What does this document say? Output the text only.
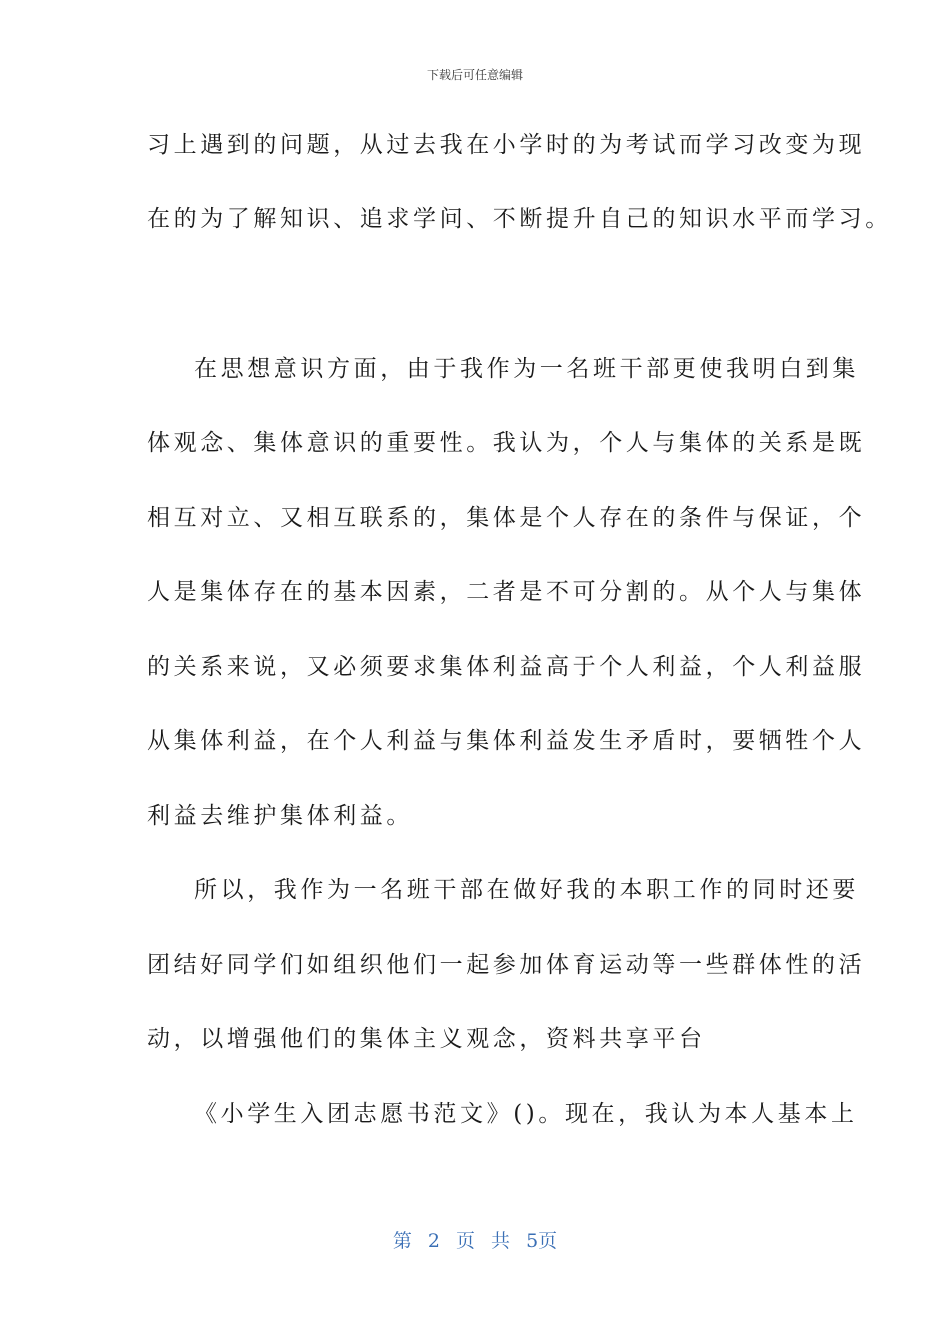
下载后可任意编辑
习上遇到的问题，从过去我在小学时的为考试而学习改变为现
在的为了解知识、追求学问、不断提升自己的知识水平而学习。
在思想意识方面，由于我作为一名班干部更使我明白到集
体观念、集体意识的重要性。我认为，个人与集体的关系是既
相互对立、又相互联系的，集体是个人存在的条件与保证，个
人是集体存在的基本因素，二者是不可分割的。从个人与集体
的关系来说，又必须要求集体利益高于个人利益，个人利益服
从集体利益，在个人利益与集体利益发生矛盾时，要牺牲个人
利益去维护集体利益。
所以，我作为一名班干部在做好我的本职工作的同时还要
团结好同学们如组织他们一起参加体育运动等一些群体性的活
动，以增强他们的集体主义观念，资料共享平台
《小学生入团志愿书范文》()。现在，我认为本人基本上
第 2 页 共 5页
